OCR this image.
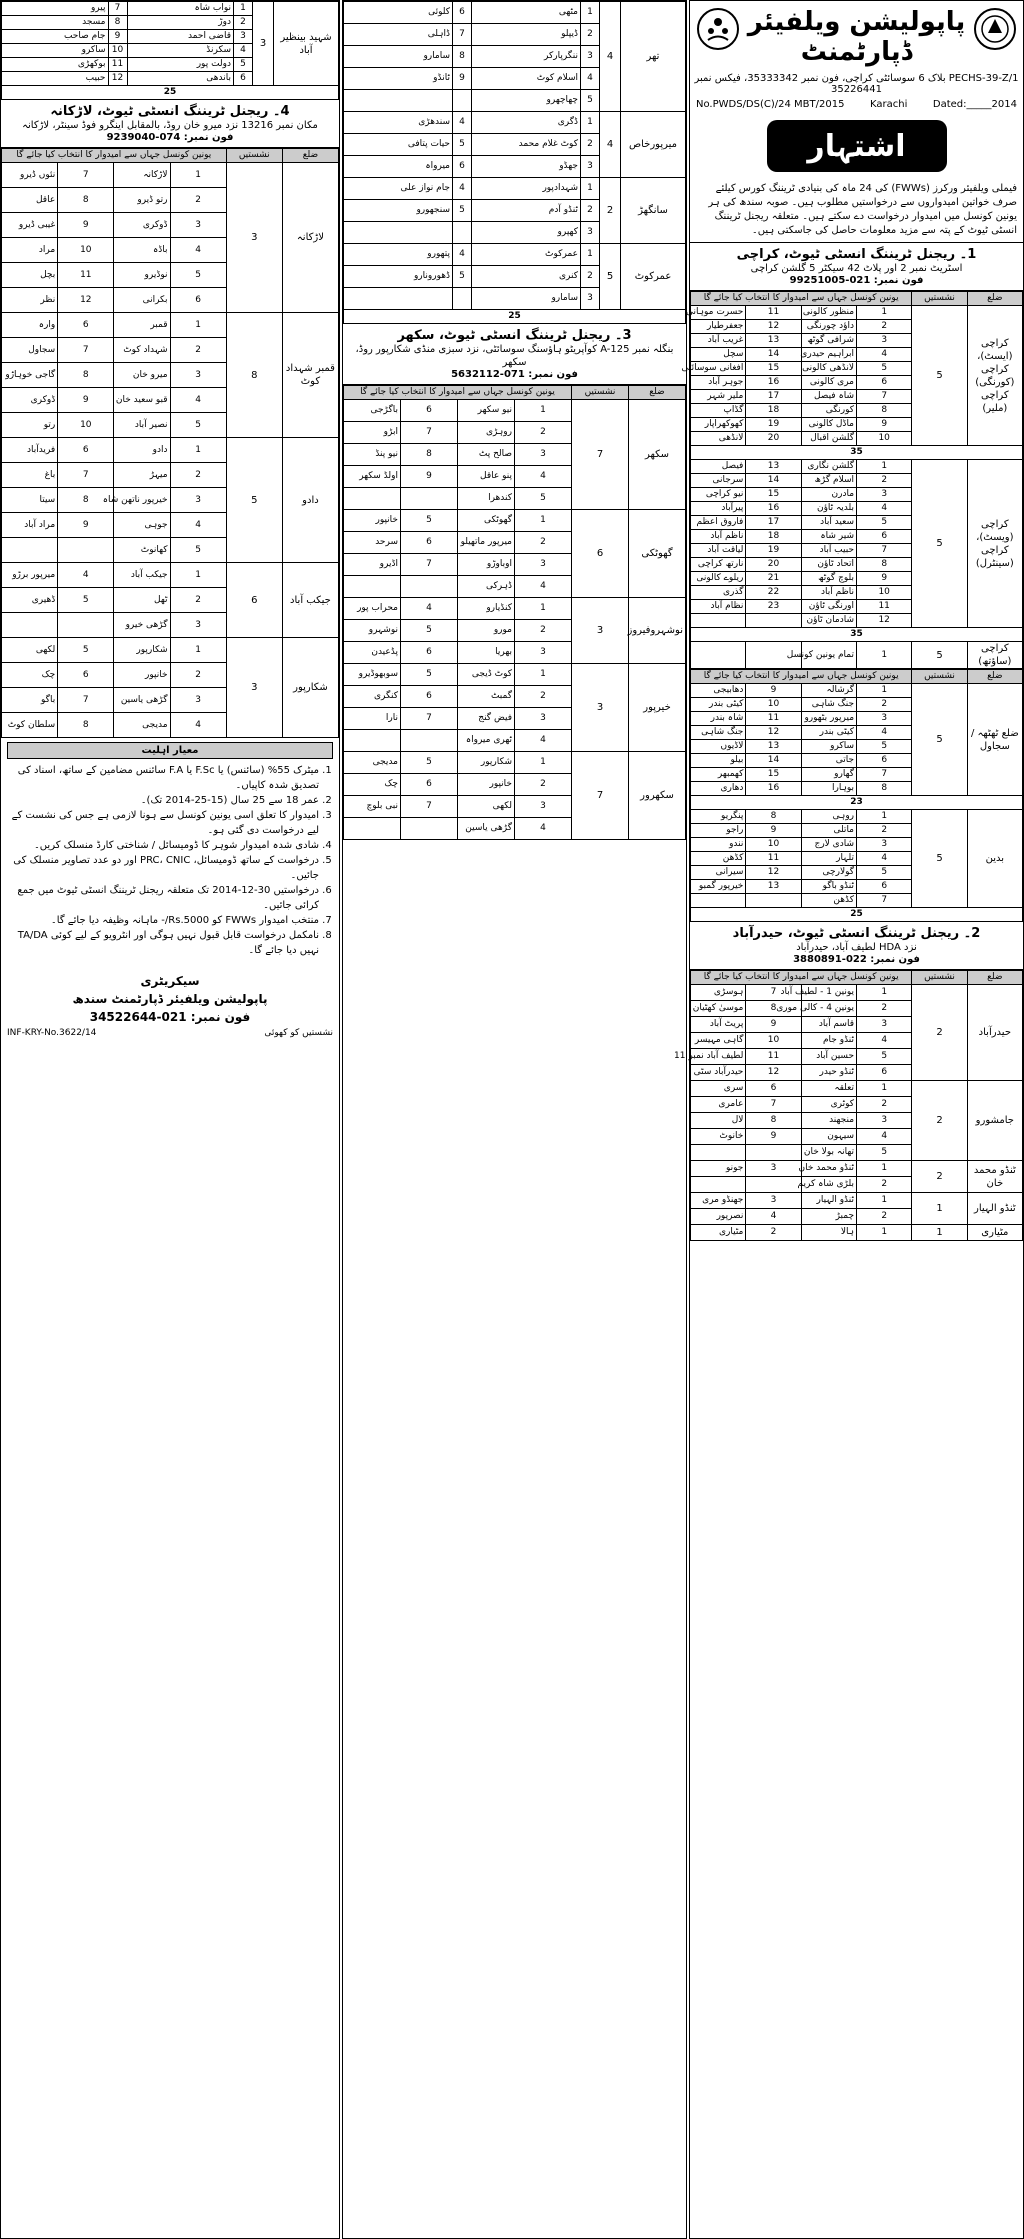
پاپولیشن ویلفیئر ڈپارٹمنٹ
PECHS-39-Z/1 بلاک 6 سوسائٹی کراچی، فون نمبر 35333342، فیکس نمبر 35226441
No.PWDS/DS(C)/24 MBT/2015	Karachi	Dated:_____2014
اشتہار
فیملی ویلفیئر ورکرز (FWWs) کی 24 ماہ کی بنیادی ٹریننگ کورس کیلئے صرف خواتین امیدواروں سے درخواستیں مطلوب ہیں۔ صوبہ سندھ کی ہر یونین کونسل میں امیدوار درخواست دے سکتے ہیں۔ متعلقہ ریجنل ٹریننگ انسٹی ٹیوٹ کے پتہ سے مزید معلومات حاصل کی جاسکتی ہیں۔
1۔ ریجنل ٹریننگ انسٹی ٹیوٹ، کراچی
اسٹریٹ نمبر 2 اور پلاٹ 42 سیکٹر 5 گلشن کراچی
فون نمبر: 021-99251005
ضلع	نشستیں	یونین کونسل جہاں سے امیدوار کا انتخاب کیا جائے گا			
کراچی (ایسٹ)، کراچی (کورنگی) کراچی (ملیر)	5	1	منظور کالونی	11	حسرت موہانی
		2	داؤد چورنگی	12	جعفرطیار
		3	شرافی گوٹھ	13	غریب آباد
		4	ابراہیم حیدری	14	سچل
		5	لانڈھی کالونی	15	افغانی سوسائٹی
		6	مری کالونی	16	جوہر آباد
		7	شاہ فیصل	17	ملیر شہر
		8	کورنگی	18	گڈاپ
		9	ماڈل کالونی	19	کھوکھراپار
		10	گلشن اقبال	20	لانڈھی
35					
کراچی (ویسٹ)، کراچی (سینٹرل)	5	1	گلشن نگاری	13	فیصل
		2	اسلام گڑھ	14	سرجانی
		3	مادرن	15	نیو کراچی
		4	بلدیہ ٹاؤن	16	پیرآباد
		5	سعید آباد	17	فاروق اعظم
		6	شیر شاہ	18	ناظم آباد
		7	حبیب آباد	19	لیاقت آباد
		8	اتحاد ٹاؤن	20	نارتھ کراچی
		9	بلوچ گوٹھ	21	ریلوے کالونی
		10	ناظم آباد	22	گذری
		11	اورنگی ٹاؤن	23	نظام آباد
		12	شادمان ٹاؤن		
35					
کراچی (ساؤتھ)	5	1	تمام یونین کونسل		
ضلع	نشستیں	یونین کونسل جہاں سے امیدوار کا انتخاب کیا جائے گا			
ضلع ٹھٹھہ / سجاول	5	1	گرشالہ	9	دھابیجی
		2	جنگ شاہی	10	کیٹی بندر
		3	میرپور بٹھورو	11	شاہ بندر
		4	کیٹی بندر	12	جنگ شاہی
		5	ساکرو	13	لاڈیوں
		6	جاتی	14	بیلو
		7	گھارو	15	کھمبھر
		8	بوہارا	16	دھاری
23					
بدین	5	1	روہی	8	پنگریو
		2	ماتلی	9	راجو
		3	شادی لارج	10	نندو
		4	تلہار	11	کڈھن
		5	گولارچی	12	سیرانی
		6	ٹنڈو باگو	13	خیرپور گمبو
		7	کڈھن		
25					
2۔ ریجنل ٹریننگ انسٹی ٹیوٹ، حیدرآباد
نزد HDA لطیف آباد، حیدرآباد
فون نمبر: 022-3880891
ضلع	نشستیں	یونین کونسل جہاں سے امیدوار کا انتخاب کیا جائے گا			
حیدرآباد	2	1	یونین 1 - لطیف آباد	7	ہوسڑی
		2	یونین 4 - کالی موری	8	موسیٰ کھٹیان
		3	قاسم آباد	9	پریٹ آباد
		4	ٹنڈو جام	10	گاہی مہیسر
		5	حسین آباد	11	لطیف آباد نمبر 11
		6	ٹنڈو حیدر	12	حیدرآباد سٹی
جامشورو	2	1	تعلقہ	6	سری
		2	کوٹری	7	عامری
		3	منجھند	8	لال
		4	سیہون	9	خانوٹ
		5	تھانہ بولا خان		
ٹنڈو محمد خان	2	1	ٹنڈو محمد خان	3	جونو
		2	بلڑی شاہ کریم		
ٹنڈو الہیار	1	1	ٹنڈو الہیار	3	جھنڈو مری
		2	چمبڑ	4	نصرپور
مٹیاری	1	1	ہالا	2	مٹیاری
تھر	4	1	مٹھی	6	کلوئی
		2	ڈیپلو	7	ڈاہلی
		3	ننگرپارکر	8	سامارو
		4	اسلام کوٹ	9	ٹانڈو
		5	چھاچھرو		
میرپورخاص	4	1	ڈگری	4	سندھڑی
		2	کوٹ غلام محمد	5	حیات پتافی
		3	جھڈو	6	میرواہ
سانگھڑ	2	1	شہدادپور	4	جام نواز علی
		2	ٹنڈو آدم	5	سنجھورو
		3	کھپرو		
عمرکوٹ	5	1	عمرکوٹ	4	پتھورو
		2	کنری	5	ڈھورونارو
		3	سامارو		
25					
3۔ ریجنل ٹریننگ انسٹی ٹیوٹ، سکھر
بنگلہ نمبر A-125 کوآپریٹو ہاؤسنگ سوسائٹی، نزد سبزی منڈی شکارپور روڈ، سکھر
فون نمبر: 071-5632112
ضلع	نشستیں	یونین کونسل جہاں سے امیدوار کا انتخاب کیا جائے گا			
سکھر	7	1	نیو سکھر	6	باگڑجی
		2	روہڑی	7	ابڑو
		3	صالح پٹ	8	نیو پنڈ
		4	پنو عاقل	9	اولڈ سکھر
		5	کندھرا		
گھوٹکی	6	1	گھوٹکی	5	خانپور
		2	میرپور ماتھیلو	6	سرحد
		3	اوباوڑو	7	اڈیرو
		4	ڈہرکی		
نوشہروفیروز	3	1	کنڈیارو	4	محراب پور
		2	مورو	5	نوشہرو
		3	بھریا	6	پڈعیدن
خیرپور	3	1	کوٹ ڈیجی	5	سوبھوڈیرو
		2	گمبٹ	6	کنگری
		3	فیض گنج	7	نارا
		4	ٹھری میرواہ		
سکھرور	7	1	شکارپور	5	مدیجی
		2	خانپور	6	چک
		3	لکھی	7	نبی بلوچ
		4	گڑھی یاسین		
شہید بینظیر آباد	3	1	نواب شاہ	7	پیرو
		2	دوڑ	8	مسجد
		3	قاضی احمد	9	جام صاحب
		4	سکرنڈ	10	ساکرو
		5	دولت پور	11	بوکھڑی
		6	باندھی	12	حبیب
25					
4۔ ریجنل ٹریننگ انسٹی ٹیوٹ، لاڑکانہ
مکان نمبر 13216 نزد میرو خان روڈ، بالمقابل اینگرو فوڈ سینٹر، لاڑکانہ
فون نمبر: 074-9239040
ضلع	نشستیں	یونین کونسل جہاں سے امیدوار کا انتخاب کیا جائے گا			
لاڑکانہ	3	1	لاڑکانہ	7	نئوں ڈیرو
		2	رتو ڈیرو	8	عاقل
		3	ڈوکری	9	غیبی ڈیرو
		4	باڈہ	10	مراد
		5	نوڈیرو	11	بچل
		6	بکرانی	12	نظر
قمبر شہداد کوٹ	8	1	قمبر	6	وارہ
		2	شہداد کوٹ	7	سجاول
		3	میرو خان	8	گاجی خوہاڑو
		4	قبو سعید خان	9	ڈوکری
		5	نصیر آباد	10	رتو
دادو	5	1	دادو	6	فریدآباد
		2	میہڑ	7	باغ
		3	خیرپور ناتھن شاہ	8	سیتا
		4	جوہی	9	مراد آباد
		5	کھانوٹ		
جیکب آباد	6	1	جیکب آباد	4	میرپور برڑو
		2	ٹھل	5	ڈھیری
		3	گڑھی خیرو		
شکارپور	3	1	شکارپور	5	لکھی
		2	خانپور	6	چک
		3	گڑھی یاسین	7	باگو
		4	مدیجی	8	سلطان کوٹ
معیار اہلیت
1. میٹرک 55% (سائنس) یا F.Sc یا F.A سائنس مضامین کے ساتھ، اسناد کی تصدیق شدہ کاپیاں۔
2. عمر 18 سے 25 سال (15-25-2014 تک)۔
3. امیدوار کا تعلق اسی یونین کونسل سے ہونا لازمی ہے جس کی نشست کے لیے درخواست دی گئی ہو۔
4. شادی شدہ امیدوار شوہر کا ڈومیسائل / شناختی کارڈ منسلک کریں۔
5. درخواست کے ساتھ ڈومیسائل، PRC، CNIC اور دو عدد تصاویر منسلک کی جائیں۔
6. درخواستیں 30-12-2014 تک متعلقہ ریجنل ٹریننگ انسٹی ٹیوٹ میں جمع کرائی جائیں۔
7. منتخب امیدوار FWWs کو Rs.5000/- ماہانہ وظیفہ دیا جائے گا۔
8. نامکمل درخواست قابل قبول نہیں ہوگی اور انٹرویو کے لیے کوئی TA/DA نہیں دیا جائے گا۔
سیکریٹری
پاپولیشن ویلفیئر ڈپارٹمنٹ سندھ
فون نمبر: 021-34522644
INF-KRY-No.3622/14	نشستیں کو کھوئی
